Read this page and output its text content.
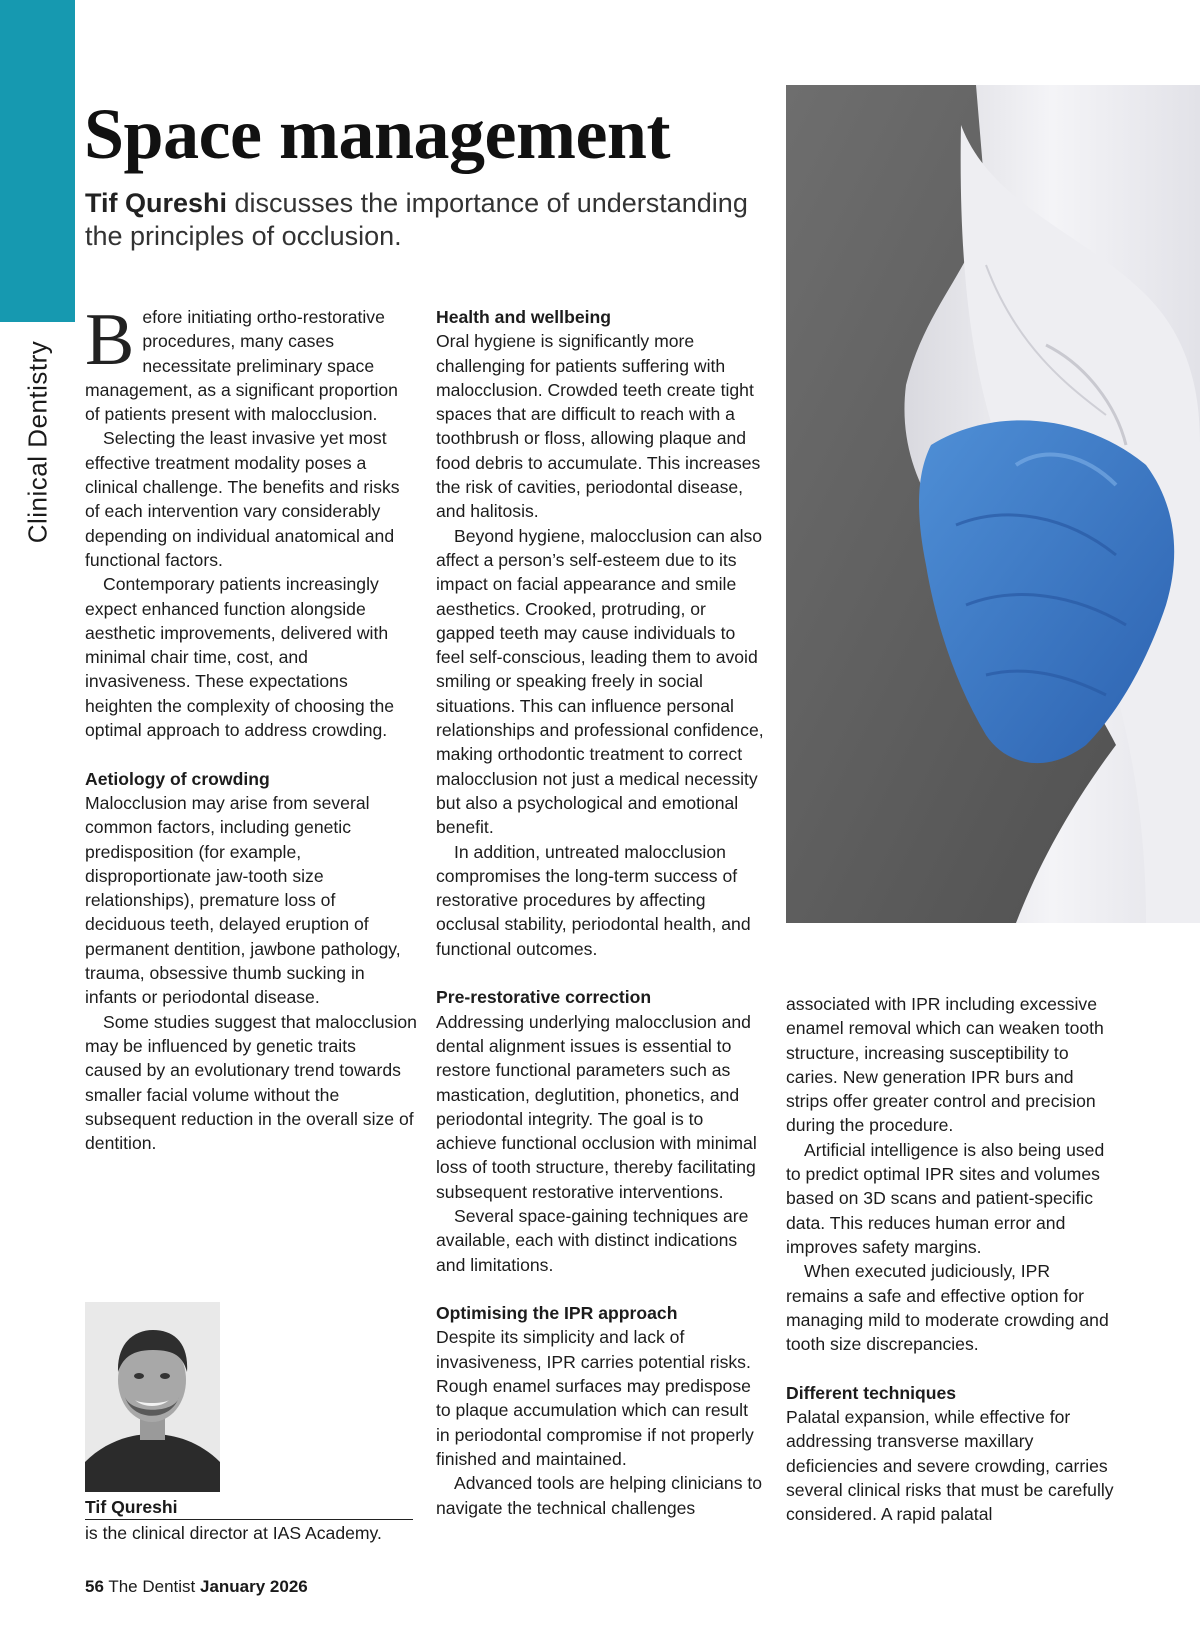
Clinical Dentistry
Space management

Tif Qureshi discusses the importance of understanding the principles of occlusion.

Before initiating ortho-restorative procedures, many cases necessitate preliminary space management, as a significant proportion of patients present with malocclusion.

Selecting the least invasive yet most effective treatment modality poses a clinical challenge. The benefits and risks of each intervention vary considerably depending on individual anatomical and functional factors.

Contemporary patients increasingly expect enhanced function alongside aesthetic improvements, delivered with minimal chair time, cost, and invasiveness. These expectations heighten the complexity of choosing the optimal approach to address crowding.

Aetiology of crowding

Malocclusion may arise from several common factors, including genetic predisposition (for example, disproportionate jaw-tooth size relationships), premature loss of deciduous teeth, delayed eruption of permanent dentition, jawbone pathology, trauma, obsessive thumb sucking in infants or periodontal disease.

Some studies suggest that malocclusion may be influenced by genetic traits caused by an evolutionary trend towards smaller facial volume without the subsequent reduction in the overall size of dentition.

Health and wellbeing

Oral hygiene is significantly more challenging for patients suffering with malocclusion. Crowded teeth create tight spaces that are difficult to reach with a toothbrush or floss, allowing plaque and food debris to accumulate. This increases the risk of cavities, periodontal disease, and halitosis.

Beyond hygiene, malocclusion can also affect a person’s self-esteem due to its impact on facial appearance and smile aesthetics. Crooked, protruding, or gapped teeth may cause individuals to feel self-conscious, leading them to avoid smiling or speaking freely in social situations. This can influence personal relationships and professional confidence, making orthodontic treatment to correct malocclusion not just a medical necessity but also a psychological and emotional benefit.

In addition, untreated malocclusion compromises the long-term success of restorative procedures by affecting occlusal stability, periodontal health, and functional outcomes.

Pre-restorative correction

Addressing underlying malocclusion and dental alignment issues is essential to restore functional parameters such as mastication, deglutition, phonetics, and periodontal integrity. The goal is to achieve functional occlusion with minimal loss of tooth structure, thereby facilitating subsequent restorative interventions.

Several space-gaining techniques are available, each with distinct indications and limitations.

Optimising the IPR approach

Despite its simplicity and lack of invasiveness, IPR carries potential risks. Rough enamel surfaces may predispose to plaque accumulation which can result in periodontal compromise if not properly finished and maintained.

Advanced tools are helping clinicians to navigate the technical challenges

associated with IPR including excessive enamel removal which can weaken tooth structure, increasing susceptibility to caries. New generation IPR burs and strips offer greater control and precision during the procedure.

Artificial intelligence is also being used to predict optimal IPR sites and volumes based on 3D scans and patient-specific data. This reduces human error and improves safety margins.

When executed judiciously, IPR remains a safe and effective option for managing mild to moderate crowding and tooth size discrepancies.

Different techniques

Palatal expansion, while effective for addressing transverse maxillary deficiencies and severe crowding, carries several clinical risks that must be carefully considered. A rapid palatal

Tif Qureshi
is the clinical director at IAS Academy.
56 The Dentist January 2026
